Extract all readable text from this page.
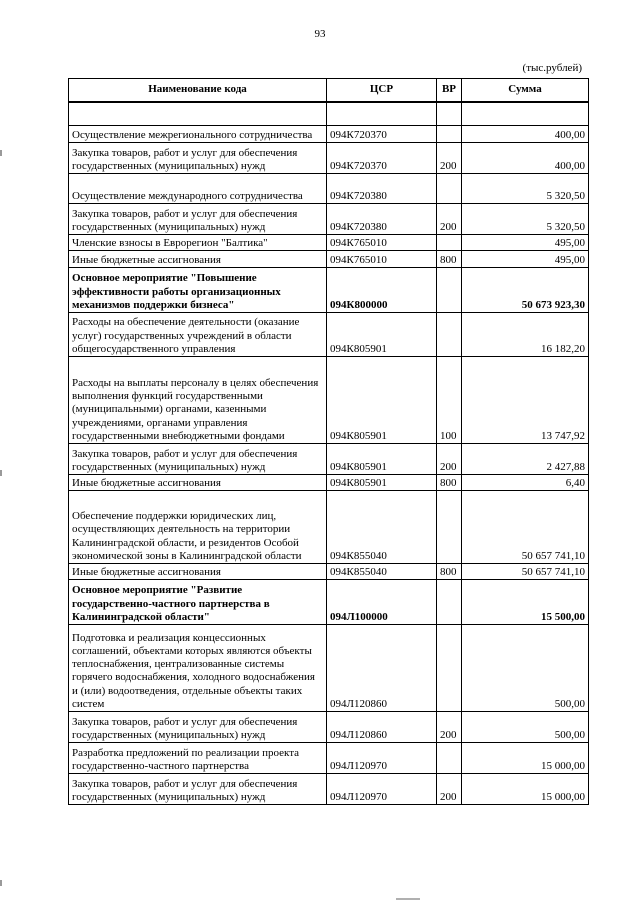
93
(тыс.рублей)
Наименование кода	ЦСР	ВР	Сумма

Осуществление межрегионального сотрудничества	094К720370		400,00
Закупка товаров, работ и услуг для обеспечения государственных (муниципальных) нужд	094К720370	200	400,00
Осуществление международного сотрудничества	094К720380		5 320,50
Закупка товаров, работ и услуг для обеспечения государственных (муниципальных) нужд	094К720380	200	5 320,50
Членские взносы в Еврорегион "Балтика"	094К765010		495,00
Иные бюджетные ассигнования	094К765010	800	495,00
Основное мероприятие "Повышение эффективности работы организационных механизмов поддержки бизнеса"	094К800000		50 673 923,30
Расходы на обеспечение деятельности (оказание услуг) государственных учреждений в области общегосударственного управления	094К805901		16 182,20
Расходы на выплаты персоналу в целях обеспечения выполнения функций государственными (муниципальными) органами, казенными учреждениями, органами управления государственными внебюджетными фондами	094К805901	100	13 747,92
Закупка товаров, работ и услуг для обеспечения государственных (муниципальных) нужд	094К805901	200	2 427,88
Иные бюджетные ассигнования	094К805901	800	6,40
Обеспечение поддержки юридических лиц, осуществляющих деятельность на территории Калининградской области, и резидентов Особой экономической зоны в Калининградской области	094К855040		50 657 741,10
Иные бюджетные ассигнования	094К855040	800	50 657 741,10
Основное мероприятие "Развитие государственно-частного партнерства в Калининградской области"	094Л100000		15 500,00
Подготовка и реализация концессионных соглашений, объектами которых являются объекты теплоснабжения, централизованные системы горячего водоснабжения, холодного водоснабжения и (или) водоотведения, отдельные объекты таких систем	094Л120860		500,00
Закупка товаров, работ и услуг для обеспечения государственных (муниципальных) нужд	094Л120860	200	500,00
Разработка предложений по реализации проекта государственно-частного партнерства	094Л120970		15 000,00
Закупка товаров, работ и услуг для обеспечения государственных (муниципальных) нужд	094Л120970	200	15 000,00
